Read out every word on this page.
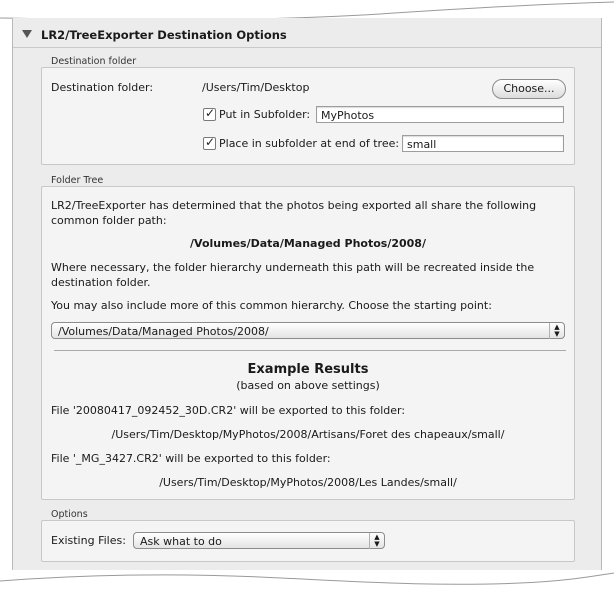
LR2/TreeExporter Destination Options
Destination folder
Destination folder:	/Users/Tim/Desktop	Choose...
✓ Put in Subfolder: MyPhotos
✓ Place in subfolder at end of tree: small
Folder Tree
LR2/TreeExporter has determined that the photos being exported all share the following
common folder path:
/Volumes/Data/Managed Photos/2008/
Where necessary, the folder hierarchy underneath this path will be recreated inside the
destination folder.
You may also include more of this common hierarchy. Choose the starting point:
/Volumes/Data/Managed Photos/2008/	▲
▼
Example Results
(based on above settings)
File '20080417_092452_30D.CR2' will be exported to this folder:
/Users/Tim/Desktop/MyPhotos/2008/Artisans/Foret des chapeaux/small/
File '_MG_3427.CR2' will be exported to this folder:
/Users/Tim/Desktop/MyPhotos/2008/Les Landes/small/
Options
Existing Files:	Ask what to do	▲
▼
